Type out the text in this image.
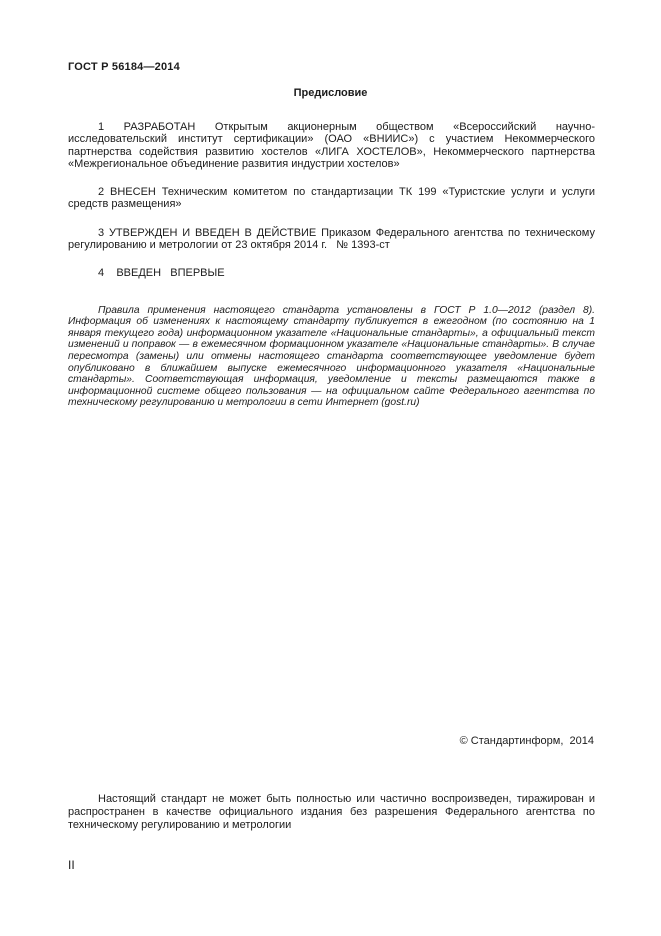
ГОСТ Р 56184—2014
Предисловие

1 РАЗРАБОТАН Открытым акционерным обществом «Всероссийский научно-исследовательский институт сертификации» (ОАО «ВНИИС») с участием Некоммерческого партнерства содействия развитию хостелов «ЛИГА ХОСТЕЛОВ», Некоммерческого партнерства «Межрегиональное объединение развития индустрии хостелов»

2 ВНЕСЕН Техническим комитетом по стандартизации ТК 199 «Туристские услуги и услуги средств размещения»

3 УТВЕРЖДЕН И ВВЕДЕН В ДЕЙСТВИЕ Приказом Федерального агентства по техническому регулированию и метрологии от 23 октября 2014 г.   № 1393-ст

4    ВВЕДЕН   ВПЕРВЫЕ

Правила применения настоящего стандарта установлены в ГОСТ Р 1.0—2012 (раздел 8). Информация об изменениях к настоящему стандарту публикуется в ежегодном (по состоянию на 1 января текущего года) информационном указателе «Национальные стандарты», а официальный текст изменений и поправок — в ежемесячном формационном указателе «Национальные стандарты». В случае пересмотра (замены) или отмены настоящего стандарта соответствующее уведомление будет опубликовано в ближайшем выпуске ежемесячного информационного указателя «Национальные стандарты». Соответствующая информация, уведомление и тексты размещаются также в информационной системе общего пользования — на официальном сайте Федерального агентства по техническому регулированию и метрологии в сети Интернет (gost.ru)

© Стандартинформ,  2014
Настоящий стандарт не может быть полностью или частично воспроизведен, тиражирован и распространен в качестве официального издания без разрешения Федерального агентства по техническому регулированию и метрологии
II
